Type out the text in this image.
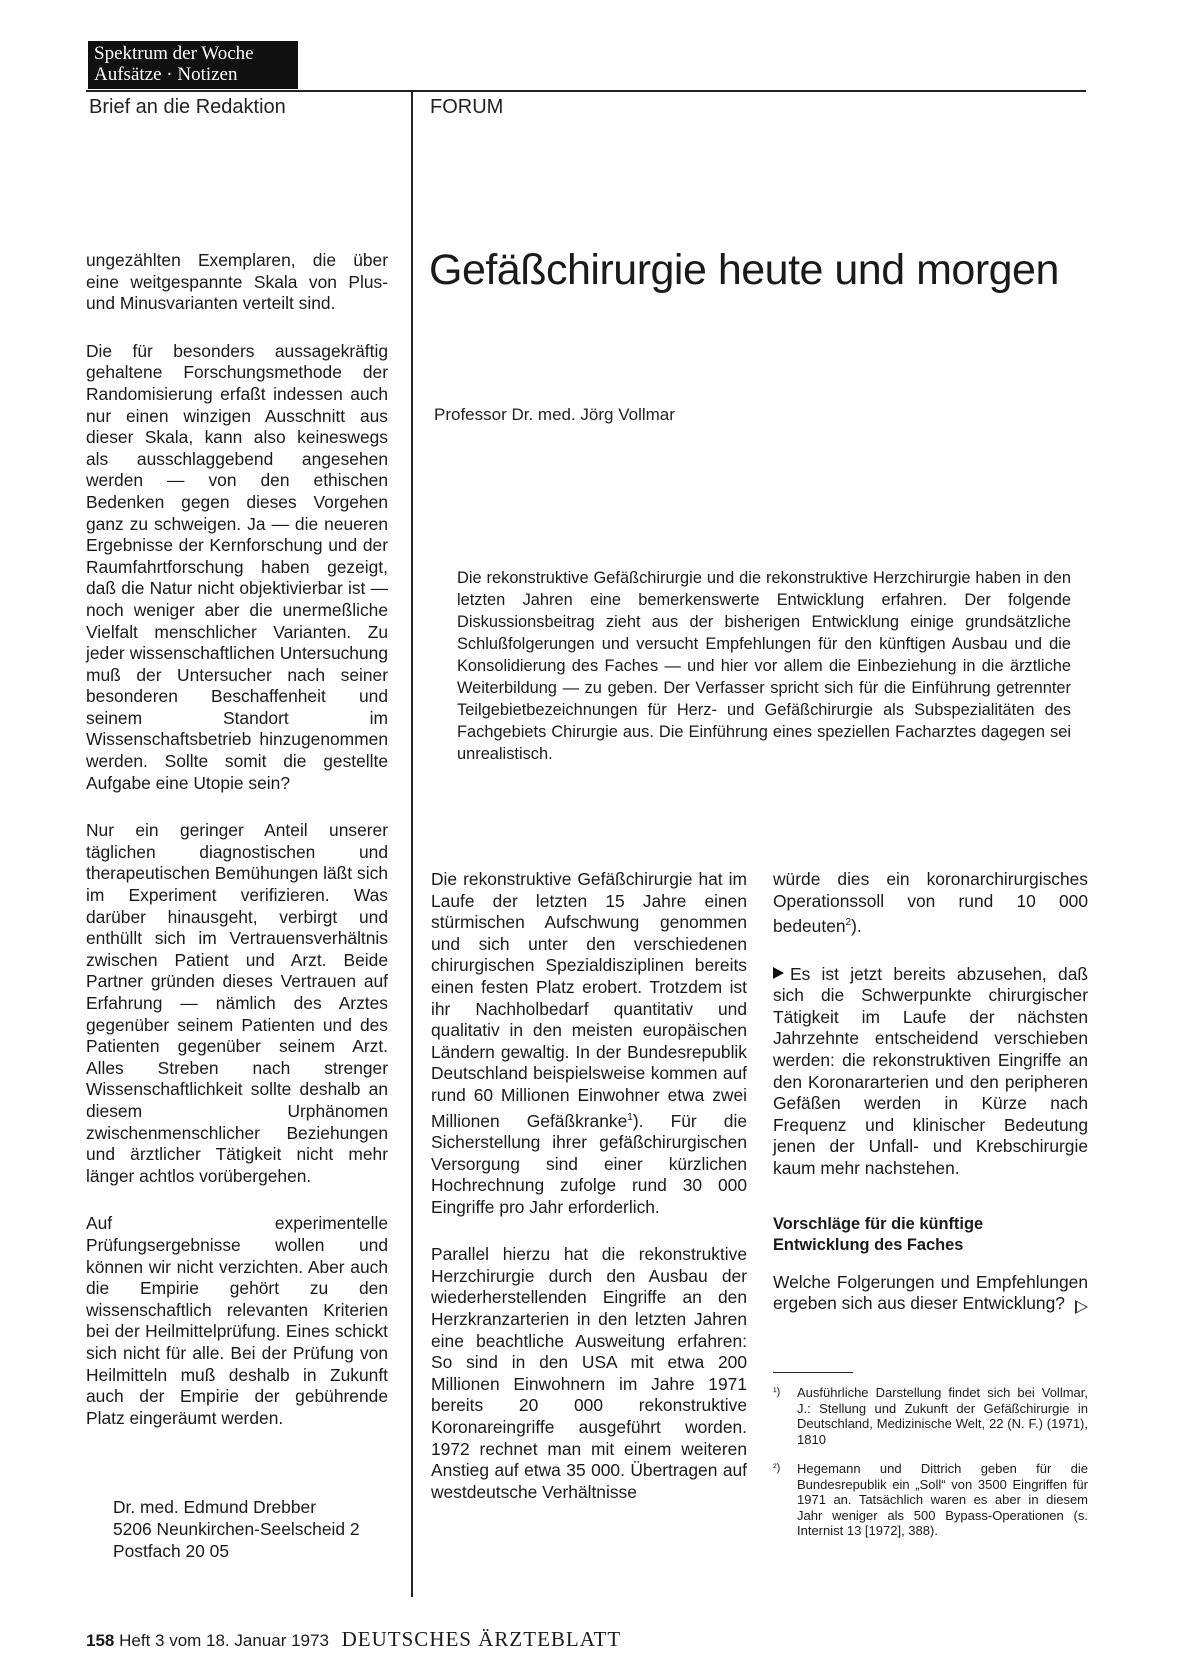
Spektrum der Woche
Aufsätze · Notizen
Brief an die Redaktion	FORUM

ungezählten Exemplaren, die über eine weitgespannte Skala von Plus- und Minusvarianten verteilt sind.

Die für besonders aussagekräftig gehaltene Forschungsmethode der Randomisierung erfaßt indessen auch nur einen winzigen Ausschnitt aus dieser Skala, kann also keineswegs als ausschlaggebend angesehen werden — von den ethischen Bedenken gegen dieses Vorgehen ganz zu schweigen. Ja — die neueren Ergebnisse der Kernforschung und der Raumfahrtforschung haben gezeigt, daß die Natur nicht objektivierbar ist — noch weniger aber die unermeßliche Vielfalt menschlicher Varianten. Zu jeder wissenschaftlichen Untersuchung muß der Untersucher nach seiner besonderen Beschaffenheit und seinem Standort im Wissenschaftsbetrieb hinzugenommen werden. Sollte somit die gestellte Aufgabe eine Utopie sein?

Nur ein geringer Anteil unserer täglichen diagnostischen und therapeutischen Bemühungen läßt sich im Experiment verifizieren. Was darüber hinausgeht, verbirgt und enthüllt sich im Vertrauensverhältnis zwischen Patient und Arzt. Beide Partner gründen dieses Vertrauen auf Erfahrung — nämlich des Arztes gegenüber seinem Patienten und des Patienten gegenüber seinem Arzt. Alles Streben nach strenger Wissenschaftlichkeit sollte deshalb an diesem Urphänomen zwischenmenschlicher Beziehungen und ärztlicher Tätigkeit nicht mehr länger achtlos vorübergehen.

Auf experimentelle Prüfungsergebnisse wollen und können wir nicht verzichten. Aber auch die Empirie gehört zu den wissenschaftlich relevanten Kriterien bei der Heilmittelprüfung. Eines schickt sich nicht für alle. Bei der Prüfung von Heilmitteln muß deshalb in Zukunft auch der Empirie der gebührende Platz eingeräumt werden.

Dr. med. Edmund Drebber
5206 Neunkirchen-Seelscheid 2
Postfach 20 05
Gefäßchirurgie heute und morgen
Professor Dr. med. Jörg Vollmar
Die rekonstruktive Gefäßchirurgie und die rekonstruktive Herzchirurgie haben in den letzten Jahren eine bemerkenswerte Entwicklung erfahren. Der folgende Diskussionsbeitrag zieht aus der bisherigen Entwicklung einige grundsätzliche Schlußfolgerungen und versucht Empfehlungen für den künftigen Ausbau und die Konsolidierung des Faches — und hier vor allem die Einbeziehung in die ärztliche Weiterbildung — zu geben. Der Verfasser spricht sich für die Einführung getrennter Teilgebietbezeichnungen für Herz- und Gefäßchirurgie als Subspezialitäten des Fachgebiets Chirurgie aus. Die Einführung eines speziellen Facharztes dagegen sei unrealistisch.

Die rekonstruktive Gefäßchirurgie hat im Laufe der letzten 15 Jahre einen stürmischen Aufschwung genommen und sich unter den verschiedenen chirurgischen Spezialdisziplinen bereits einen festen Platz erobert. Trotzdem ist ihr Nachholbedarf quantitativ und qualitativ in den meisten europäischen Ländern gewaltig. In der Bundesrepublik Deutschland beispielsweise kommen auf rund 60 Millionen Einwohner etwa zwei Millionen Gefäßkranke$^1$). Für die Sicherstellung ihrer gefäßchirurgischen Versorgung sind einer kürzlichen Hochrechnung zufolge rund 30 000 Eingriffe pro Jahr erforderlich.

Parallel hierzu hat die rekonstruktive Herzchirurgie durch den Ausbau der wiederherstellenden Eingriffe an den Herzkranzarterien in den letzten Jahren eine beachtliche Ausweitung erfahren: So sind in den USA mit etwa 200 Millionen Einwohnern im Jahre 1971 bereits 20 000 rekonstruktive Koronareingriffe ausgeführt worden. 1972 rechnet man mit einem weiteren Anstieg auf etwa 35 000. Übertragen auf westdeutsche Verhältnisse

würde dies ein koronarchirurgisches Operationssoll von rund 10 000 bedeuten$^2$).

Es ist jetzt bereits abzusehen, daß sich die Schwerpunkte chirurgischer Tätigkeit im Laufe der nächsten Jahrzehnte entscheidend verschieben werden: die rekonstruktiven Eingriffe an den Koronararterien und den peripheren Gefäßen werden in Kürze nach Frequenz und klinischer Bedeutung jenen der Unfall- und Krebschirurgie kaum mehr nachstehen.

Vorschläge für die künftige
Entwicklung des Faches

Welche Folgerungen und Empfehlungen ergeben sich aus dieser Entwicklung?

¹)	Ausführliche Darstellung findet sich bei Vollmar, J.: Stellung und Zukunft der Gefäßchirurgie in Deutschland, Medizinische Welt, 22 (N. F.) (1971), 1810
²)	Hegemann und Dittrich geben für die Bundesrepublik ein „Soll“ von 3500 Eingriffen für 1971 an. Tatsächlich waren es aber in diesem Jahr weniger als 500 Bypass-Operationen (s. Internist 13 [1972], 388).
158 Heft 3 vom 18. Januar 1973 DEUTSCHES ÄRZTEBLATT
